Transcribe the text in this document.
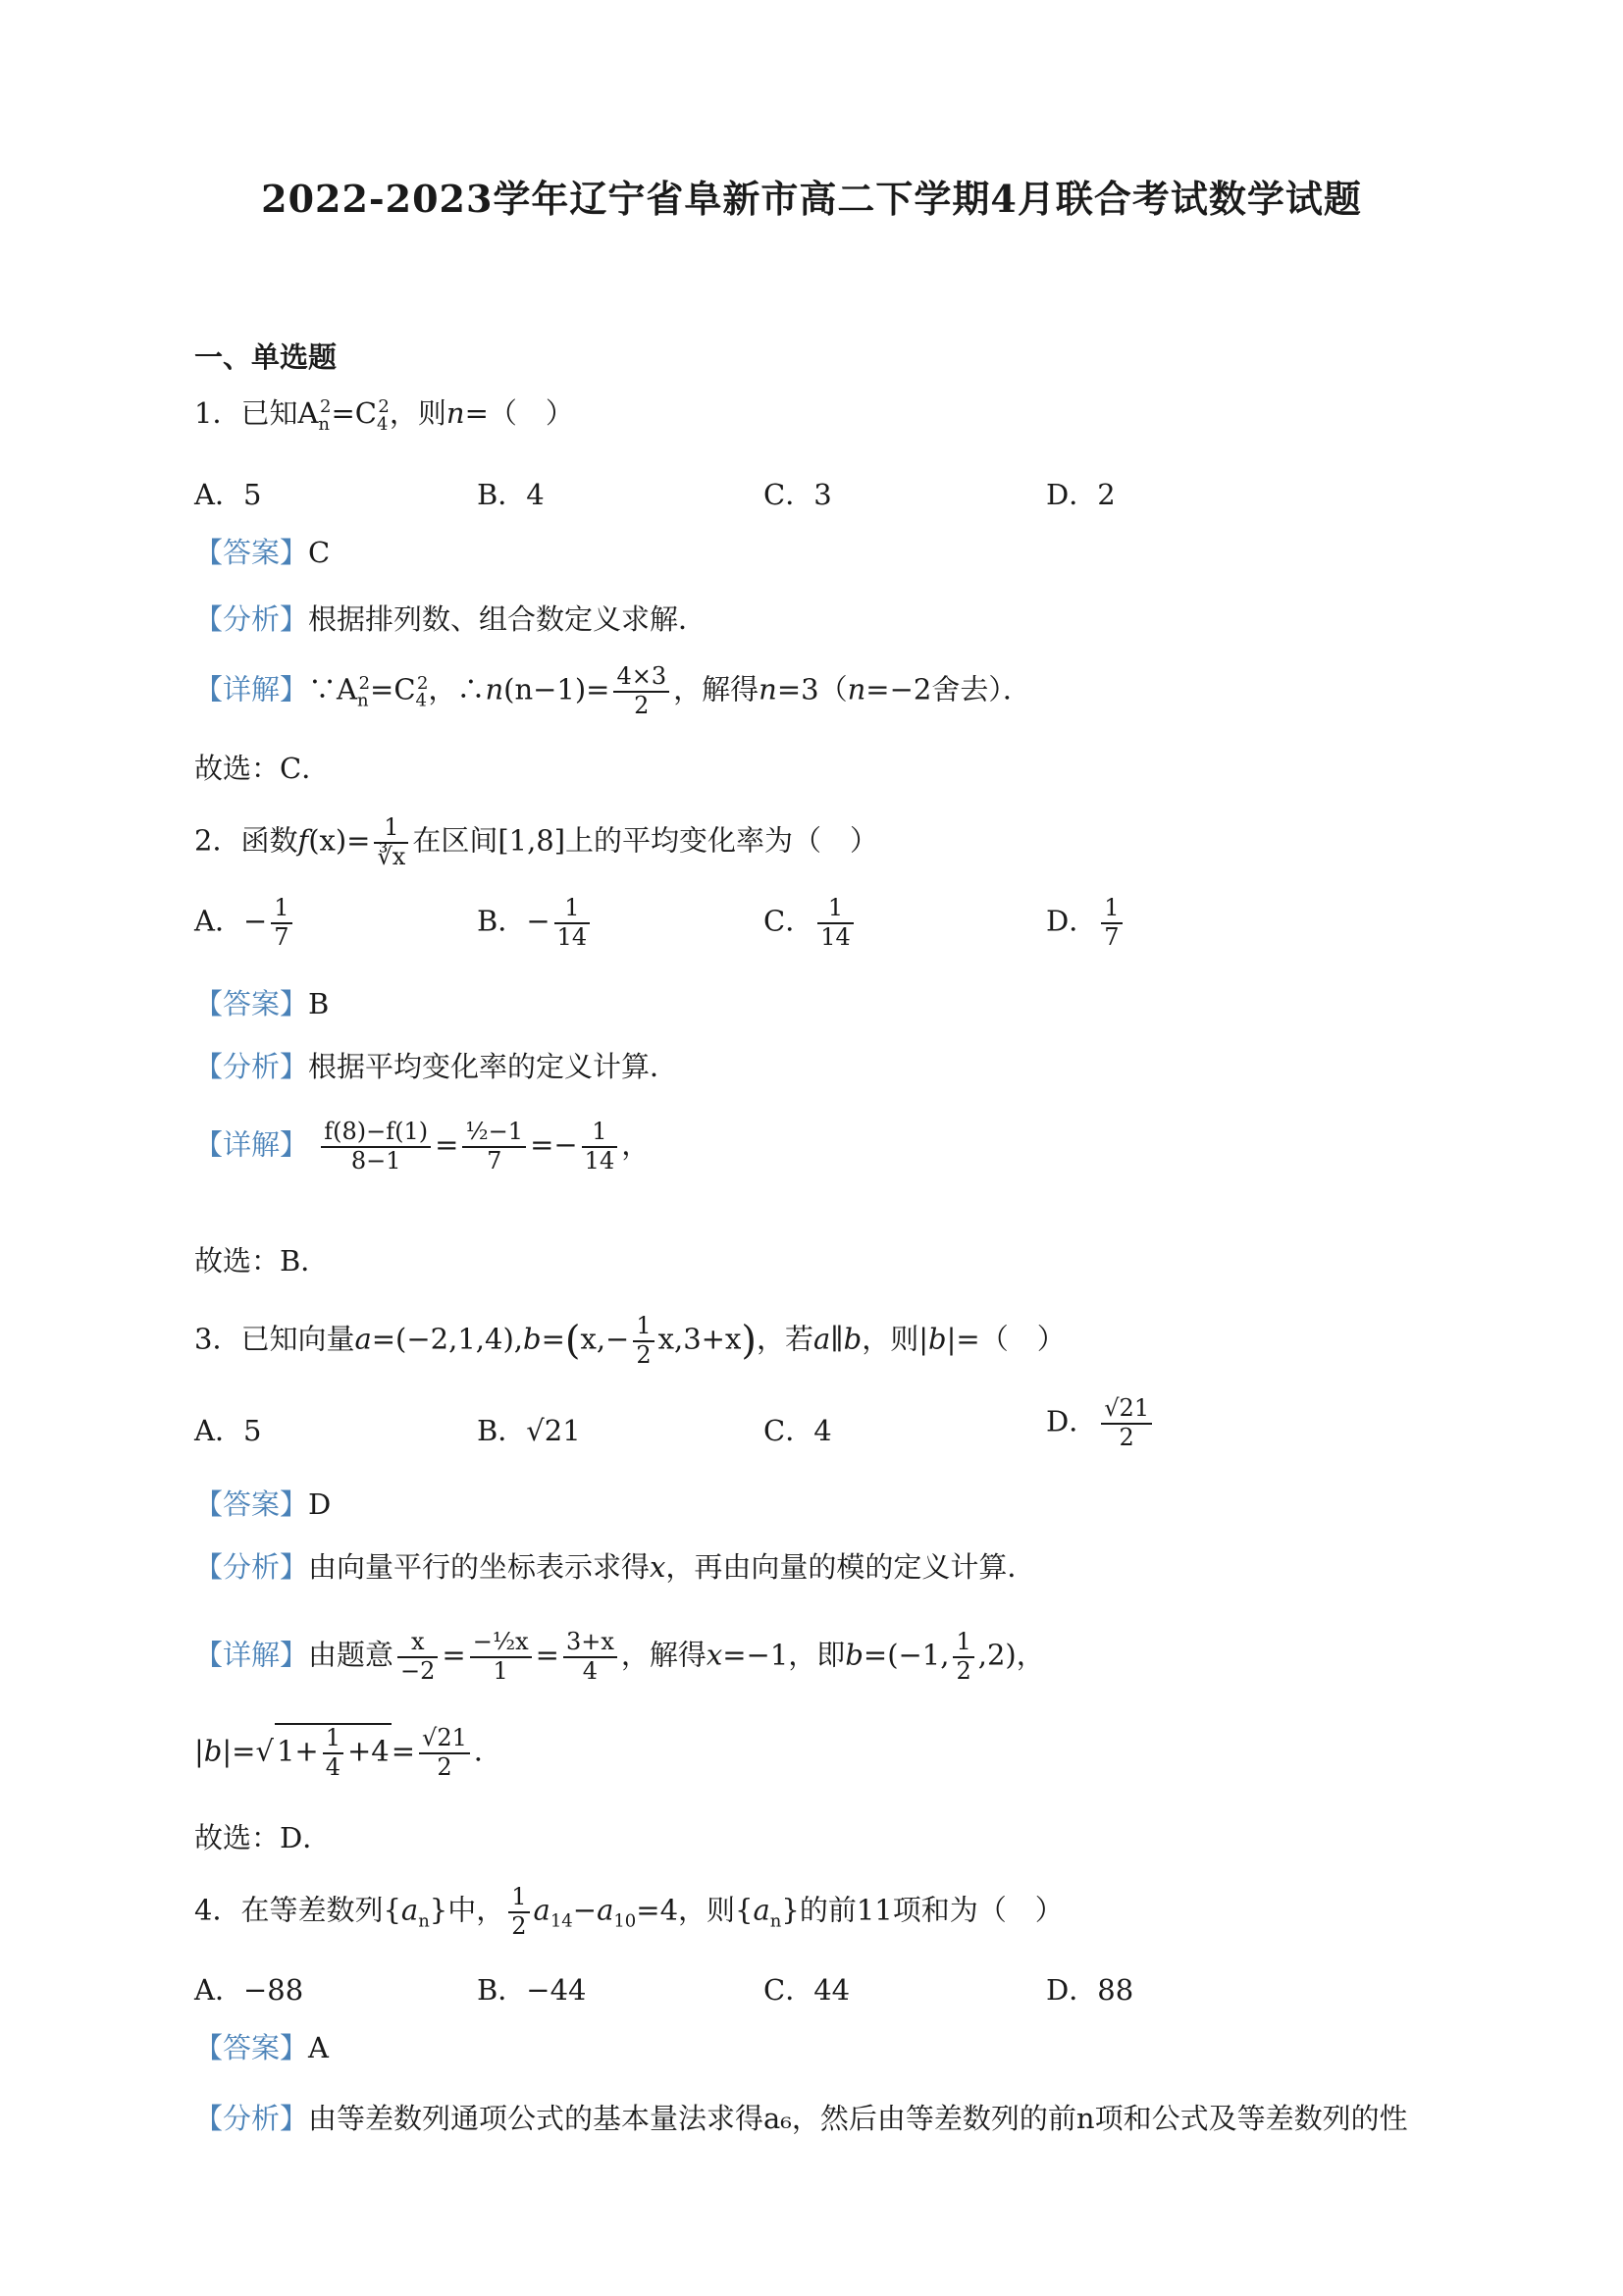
2022-2023学年辽宁省阜新市高二下学期4月联合考试数学试题
一、单选题
1．已知$A_n^2=C_4^2$，则n=（　）
A．5	B．4	C．3	D．2
【答案】C
【分析】根据排列数、组合数定义求解．
【详解】$\because A_n^2=C_4^2$，∴n(n−1)= $\frac{4\times 3}{2}$ ，解得n=3（n=−2舍去）．
故选：C．
2．函数$f(x)= \frac{1}{∛x}$ 在区间[1,8]上的平均变化率为（　）
A．− $\frac{1}{7}$	B．− $\frac{1}{14}$	C． $\frac{1}{14}$	D． $\frac{1}{7}$
【答案】B
【分析】根据平均变化率的定义计算．
【详解】 $\frac{f(8)-f(1)}{8-1} = \frac{\text{½−1}}{7} =- \frac{1}{14}$ ，
故选：B．
3．已知向量$a=(-2,1,4),b=(x,- \frac{1}{2} x,3+x)$，若a∥b，则|b|=（　）
A．5	B．√21	C．4	D． $\frac{√21}{2}$
【答案】D
【分析】由向量平行的坐标表示求得x，再由向量的模的定义计算．
【详解】由题意 $\frac{x}{-2} = \frac{\text{−½x}}{1} = \frac{3+x}{4}$ ，解得x=−1，即b=(−1, $\frac{1}{2} ,2$)，
|b|=√ $1+ \frac{1}{4} +4= \frac{√21}{2}$ ．
故选：D．
4．在等差数列$\{a_n\}$中， $\frac{1}{2} a_{14}-a_{10}=4$，则$\{a_n\}$的前11项和为（　）
A．−88	B．−44	C．44	D．88
【答案】A
【分析】由等差数列通项公式的基本量法求得a₆，然后由等差数列的前n项和公式及等差数列的性
